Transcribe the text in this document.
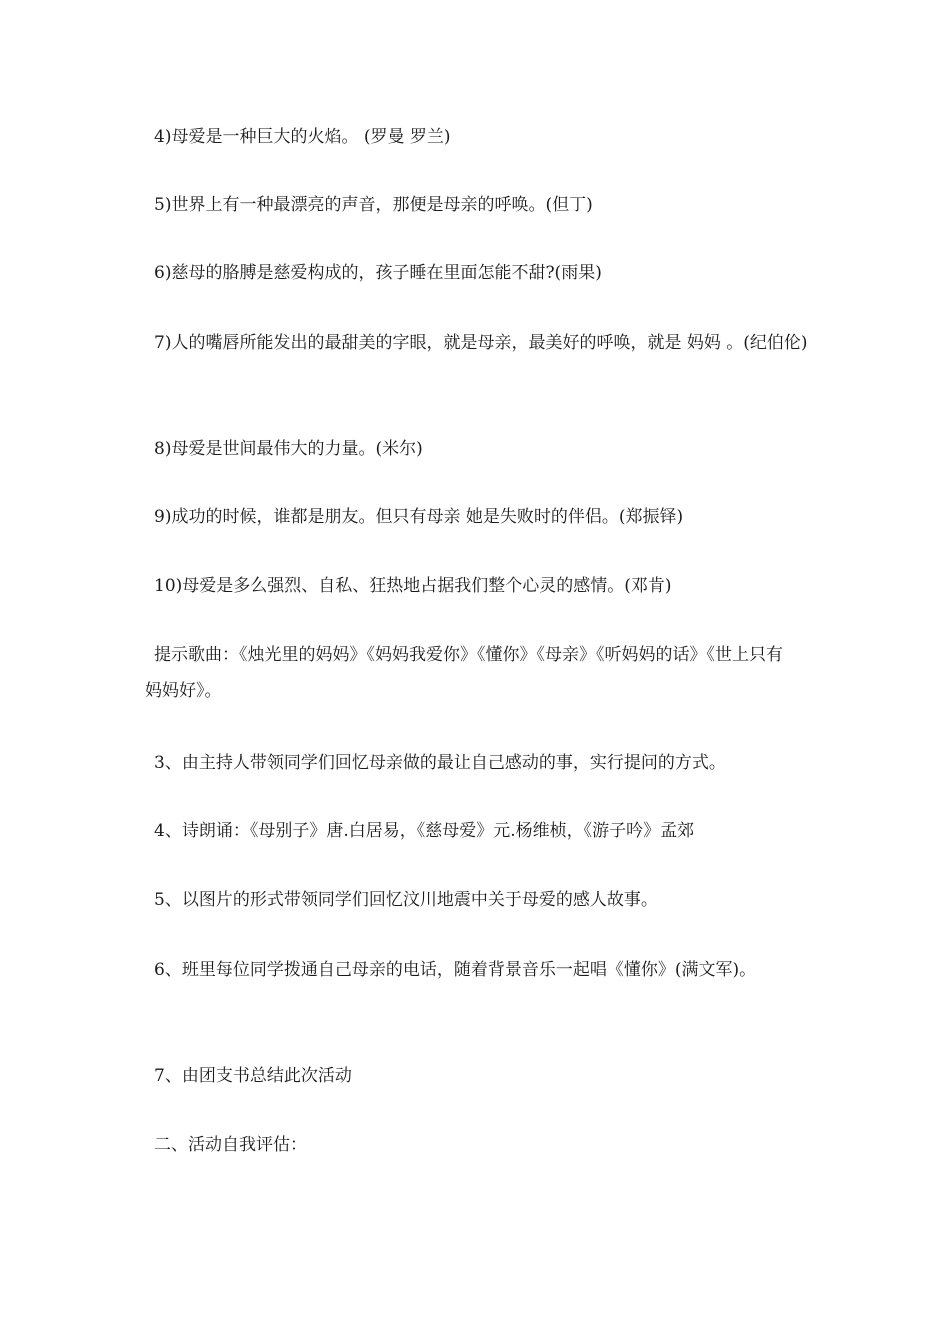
4)母爱是一种巨大的火焰。 (罗曼 罗兰)

5)世界上有一种最漂亮的声音，那便是母亲的呼唤。(但丁)

6)慈母的胳膊是慈爱构成的，孩子睡在里面怎能不甜?(雨果)

7)人的嘴唇所能发出的最甜美的字眼，就是母亲，最美好的呼唤，就是 妈妈 。(纪伯伦)

8)母爱是世间最伟大的力量。(米尔)

9)成功的时候，谁都是朋友。但只有母亲 她是失败时的伴侣。(郑振铎)

10)母爱是多么强烈、自私、狂热地占据我们整个心灵的感情。(邓肯)

提示歌曲：《烛光里的妈妈》《妈妈我爱你》《懂你》《母亲》《听妈妈的话》《世上只有妈妈好》。

3、由主持人带领同学们回忆母亲做的最让自己感动的事，实行提问的方式。

4、诗朗诵：《母别子》唐.白居易，《慈母爱》元.杨维桢，《游子吟》孟郊

5、以图片的形式带领同学们回忆汶川地震中关于母爱的感人故事。

6、班里每位同学拨通自己母亲的电话，随着背景音乐一起唱《懂你》(满文军)。

7、由团支书总结此次活动

二、活动自我评估：
